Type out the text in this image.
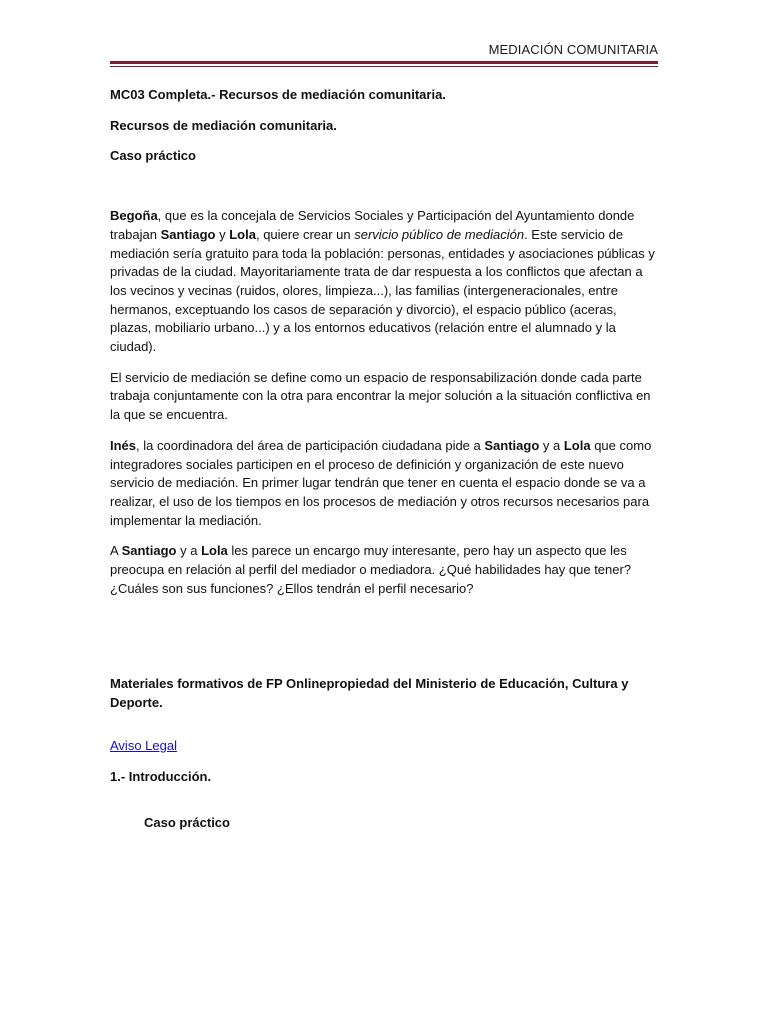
MEDIACIÓN COMUNITARIA

MC03 Completa.- Recursos de mediación comunitaria.

Recursos de mediación comunitaria.

Caso práctico

Begoña, que es la concejala de Servicios Sociales y Participación del Ayuntamiento donde trabajan Santiago y Lola, quiere crear un servicio público de mediación. Este servicio de mediación sería gratuito para toda la población: personas, entidades y asociaciones públicas y privadas de la ciudad. Mayoritariamente trata de dar respuesta a los conflictos que afectan a los vecinos y vecinas (ruidos, olores, limpieza...), las familias (intergeneracionales, entre hermanos, exceptuando los casos de separación y divorcio), el espacio público (aceras, plazas, mobiliario urbano...) y a los entornos educativos (relación entre el alumnado y la ciudad).

El servicio de mediación se define como un espacio de responsabilización donde cada parte trabaja conjuntamente con la otra para encontrar la mejor solución a la situación conflictiva en la que se encuentra.

Inés, la coordinadora del área de participación ciudadana pide a Santiago y a Lola que como integradores sociales participen en el proceso de definición y organización de este nuevo servicio de mediación. En primer lugar tendrán que tener en cuenta el espacio donde se va a realizar, el uso de los tiempos en los procesos de mediación y otros recursos necesarios para implementar la mediación.

A Santiago y a Lola les parece un encargo muy interesante, pero hay un aspecto que les preocupa en relación al perfil del mediador o mediadora. ¿Qué habilidades hay que tener? ¿Cuáles son sus funciones? ¿Ellos tendrán el perfil necesario?

Materiales formativos de FP Onlinepropiedad del Ministerio de Educación, Cultura y Deporte.

Aviso Legal

1.- Introducción.

Caso práctico
